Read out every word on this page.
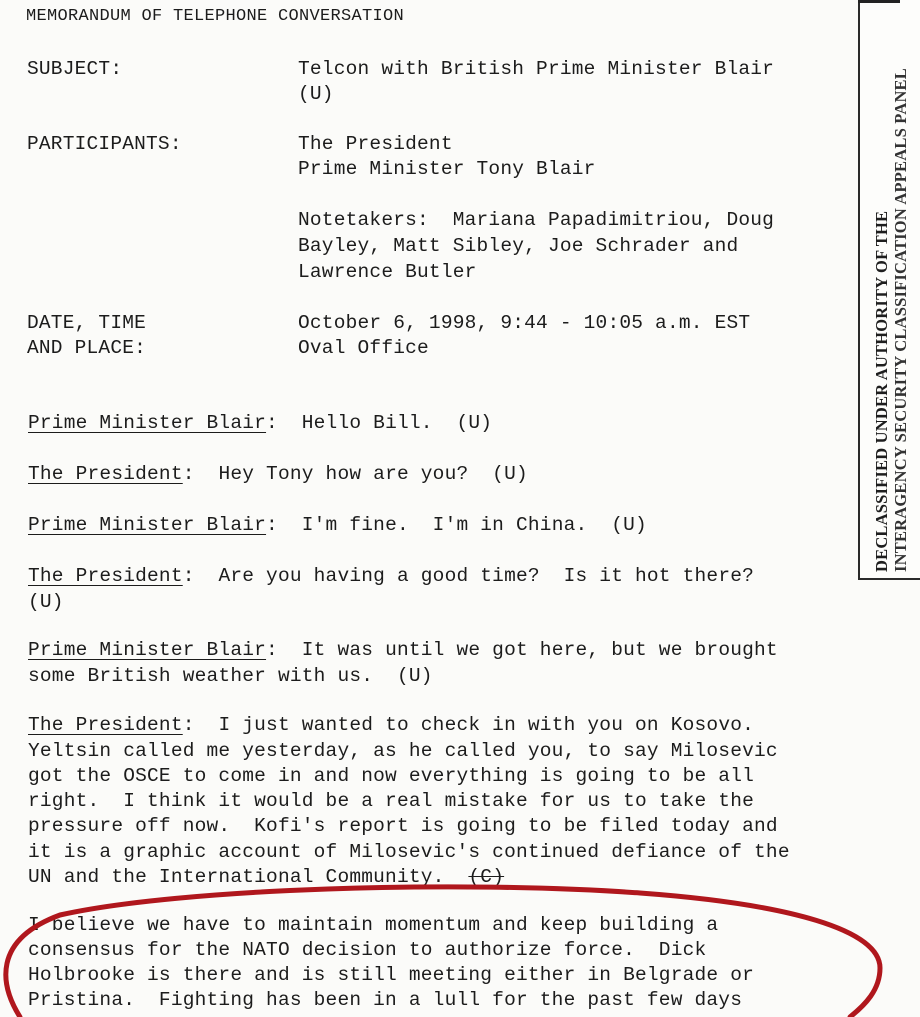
MEMORANDUM OF TELEPHONE CONVERSATION
SUBJECT:	Telcon with British Prime Minister Blair
(U)
PARTICIPANTS:	The President
Prime Minister Tony Blair
Notetakers:  Mariana Papadimitriou, Doug
Bayley, Matt Sibley, Joe Schrader and
Lawrence Butler
DATE, TIME
AND PLACE:
October 6, 1998, 9:44 - 10:05 a.m. EST
Oval Office
Prime Minister Blair:  Hello Bill.  (U)
The President:  Hey Tony how are you?  (U)
Prime Minister Blair:  I'm fine.  I'm in China.  (U)
The President:  Are you having a good time?  Is it hot there?
(U)
Prime Minister Blair:  It was until we got here, but we brought
some British weather with us.  (U)
The President:  I just wanted to check in with you on Kosovo.
Yeltsin called me yesterday, as he called you, to say Milosevic
got the OSCE to come in and now everything is going to be all
right.  I think it would be a real mistake for us to take the
pressure off now.  Kofi's report is going to be filed today and
it is a graphic account of Milosevic's continued defiance of the
UN and the International Community. (C)
I believe we have to maintain momentum and keep building a
consensus for the NATO decision to authorize force.  Dick
Holbrooke is there and is still meeting either in Belgrade or
Pristina.  Fighting has been in a lull for the past few days
DECLASSIFIED UNDER AUTHORITY OF THE INTERAGENCY SECURITY CLASSIFICATION APPEALS PANEL
